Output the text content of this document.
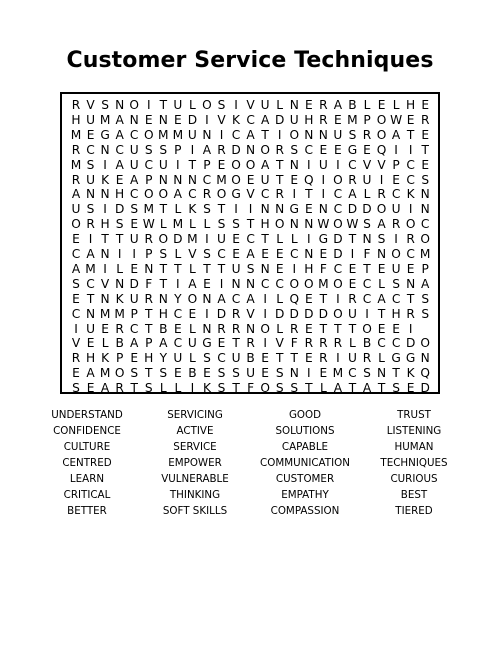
Customer Service Techniques
R V S N O I T U L O S I V U L N E R A B L E L H E
H U M A N E N E D I V K C A D U H R E M P O W E R
M E G A C O M M U N I C A T I O N N U S R O A T E
R C N C U S S P I A R D N O R S C E E G E Q I I T
M S I A U C U I T P E O O A T N I U I C V V P C E
R U K E A P N N N C M O E U T E Q I O R U I E C S
A N N H C O O A C R O G V C R I T I C A L R C K N
U S I D S M T L K S T I I N N G E N C D D O U I N
O R H S E W L M L L S S T H O N N W O W S A R O C
E I T T U R O D M I U E C T L L I G D T N S I R O
C A N I I P S L V S C E A E E C N E D I F N O C M
A M I L E N T T L T T U S N E I H F C E T E U E P
S C V N D F T I A E I N N C C O O M O E C L S N A
E T N K U R N Y O N A C A I L Q E T I R C A C T S
C N M M P T H C E I D R V I D D D D O U I T H R S
I U E R C T B E L N R R N O L R E T T T O E E I
V E L B A P A C U G E T R I V F R R R L B C C D O
R H K P E H Y U L S C U B E T T E R I U R L G G N
E A M O S T S E B E S S U E S N I E M C S N T K Q
S E A R T S L L I K S T F O S S T L A T A T S E D
UNDERSTAND	SERVICING	GOOD	TRUST
CONFIDENCE	ACTIVE	SOLUTIONS	LISTENING
CULTURE	SERVICE	CAPABLE	HUMAN
CENTRED	EMPOWER	COMMUNICATION	TECHNIQUES
LEARN	VULNERABLE	CUSTOMER	CURIOUS
CRITICAL	THINKING	EMPATHY	BEST
BETTER	SOFT SKILLS	COMPASSION	TIERED
